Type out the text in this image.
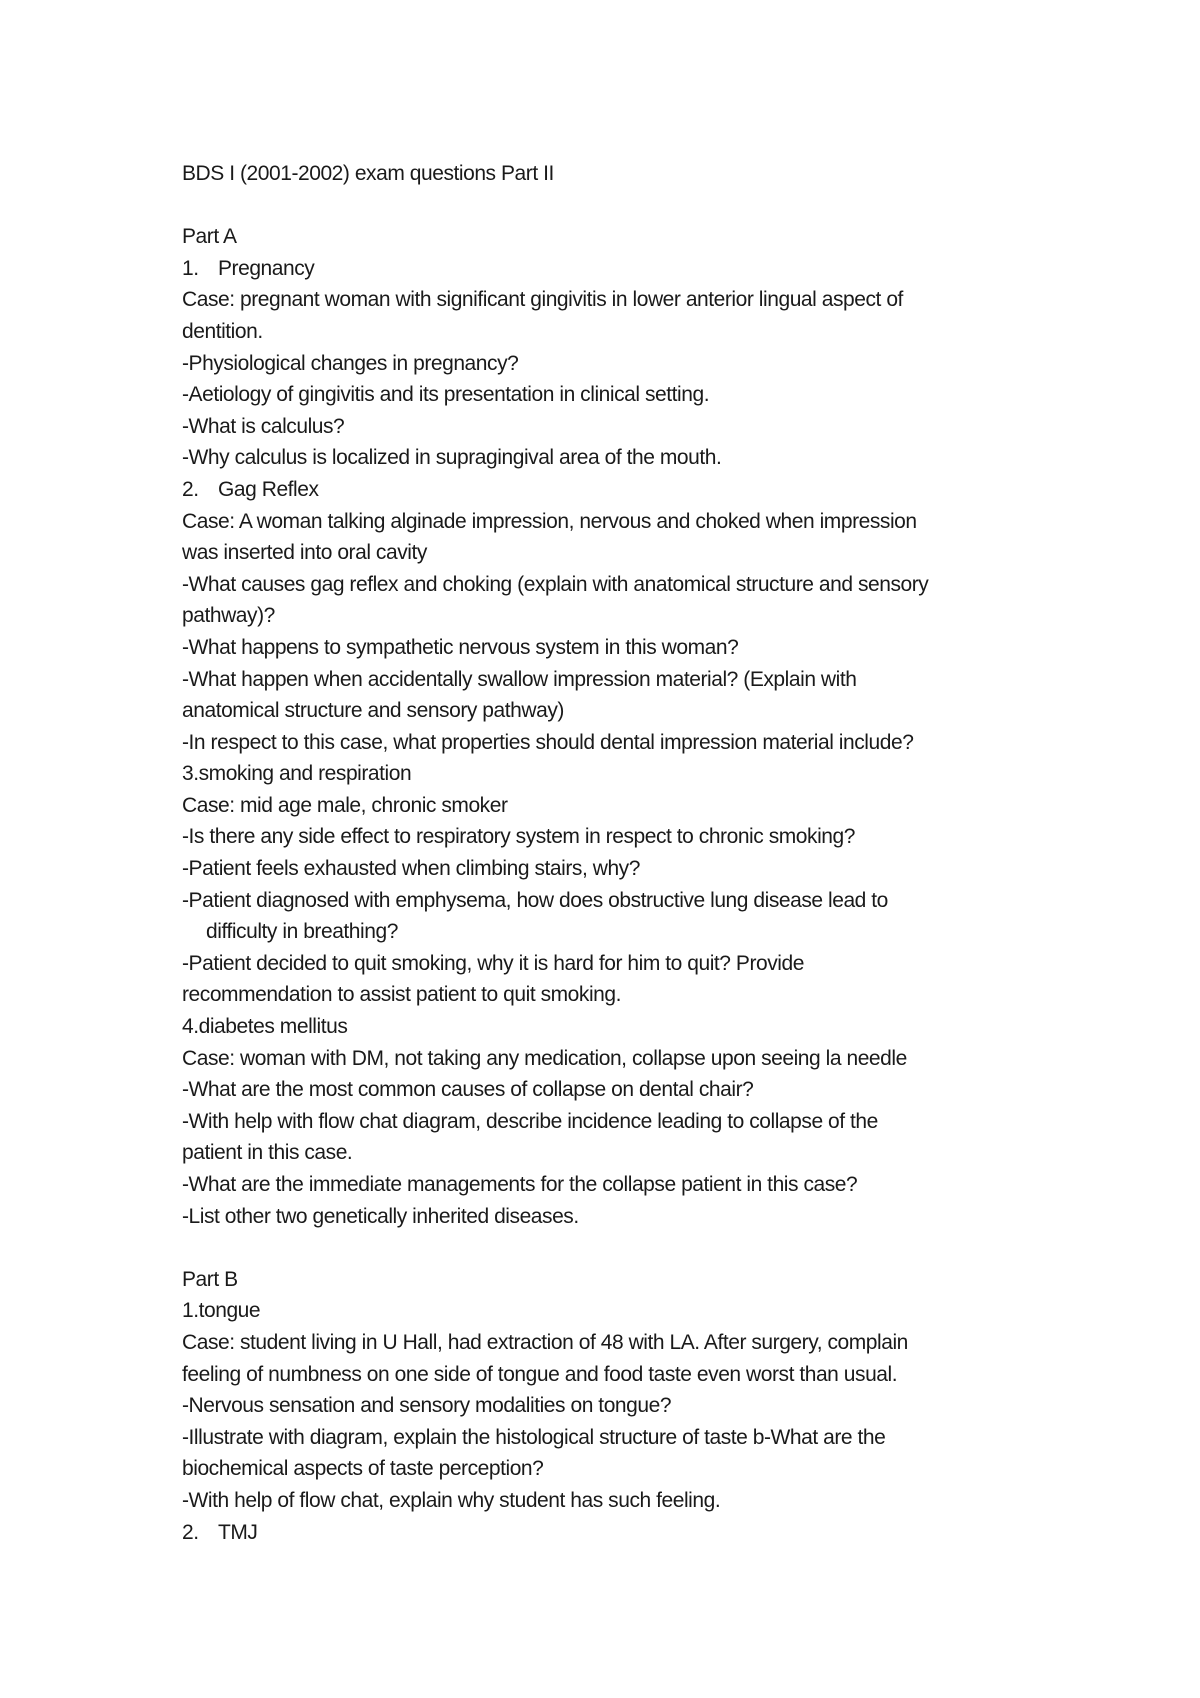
BDS I (2001-2002) exam questions Part II
Part A
1. Pregnancy
Case: pregnant woman with significant gingivitis in lower anterior lingual aspect of
dentition.
-Physiological changes in pregnancy?
-Aetiology of gingivitis and its presentation in clinical setting.
-What is calculus?
-Why calculus is localized in supragingival area of the mouth.
2. Gag Reflex
Case: A woman talking alginade impression, nervous and choked when impression
was inserted into oral cavity
-What causes gag reflex and choking (explain with anatomical structure and sensory
pathway)?
-What happens to sympathetic nervous system in this woman?
-What happen when accidentally swallow impression material? (Explain with
anatomical structure and sensory pathway)
-In respect to this case, what properties should dental impression material include?
3.smoking and respiration
Case: mid age male, chronic smoker
-Is there any side effect to respiratory system in respect to chronic smoking?
-Patient feels exhausted when climbing stairs, why?
-Patient diagnosed with emphysema, how does obstructive lung disease lead to
difficulty in breathing?
-Patient decided to quit smoking, why it is hard for him to quit? Provide
recommendation to assist patient to quit smoking.
4.diabetes mellitus
Case: woman with DM, not taking any medication, collapse upon seeing la needle
-What are the most common causes of collapse on dental chair?
-With help with flow chat diagram, describe incidence leading to collapse of the
patient in this case.
-What are the immediate managements for the collapse patient in this case?
-List other two genetically inherited diseases.
Part B
1.tongue
Case: student living in U Hall, had extraction of 48 with LA. After surgery, complain
feeling of numbness on one side of tongue and food taste even worst than usual.
-Nervous sensation and sensory modalities on tongue?
-Illustrate with diagram, explain the histological structure of taste b-What are the
biochemical aspects of taste perception?
-With help of flow chat, explain why student has such feeling.
2. TMJ
